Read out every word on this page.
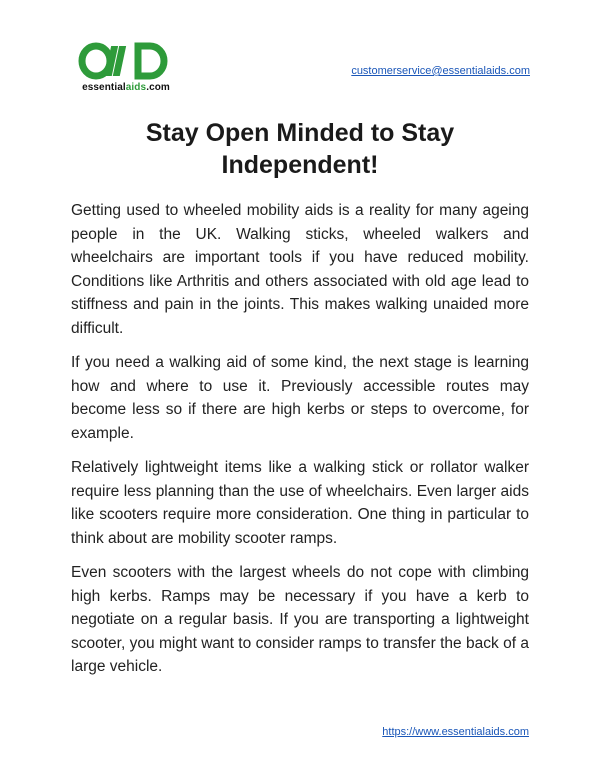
essentialaids.com
customerservice@essentialaids.com
Stay Open Minded to Stay Independent!

Getting used to wheeled mobility aids is a reality for many ageing people in the UK. Walking sticks, wheeled walkers and wheelchairs are important tools if you have reduced mobility. Conditions like Arthritis and others associated with old age lead to stiffness and pain in the joints. This makes walking unaided more difficult.

If you need a walking aid of some kind, the next stage is learning how and where to use it. Previously accessible routes may become less so if there are high kerbs or steps to overcome, for example.

Relatively lightweight items like a walking stick or rollator walker require less planning than the use of wheelchairs. Even larger aids like scooters require more consideration. One thing in particular to think about are mobility scooter ramps.

Even scooters with the largest wheels do not cope with climbing high kerbs. Ramps may be necessary if you have a kerb to negotiate on a regular basis. If you are transporting a lightweight scooter, you might want to consider ramps to transfer the back of a large vehicle.

https://www.essentialaids.com
